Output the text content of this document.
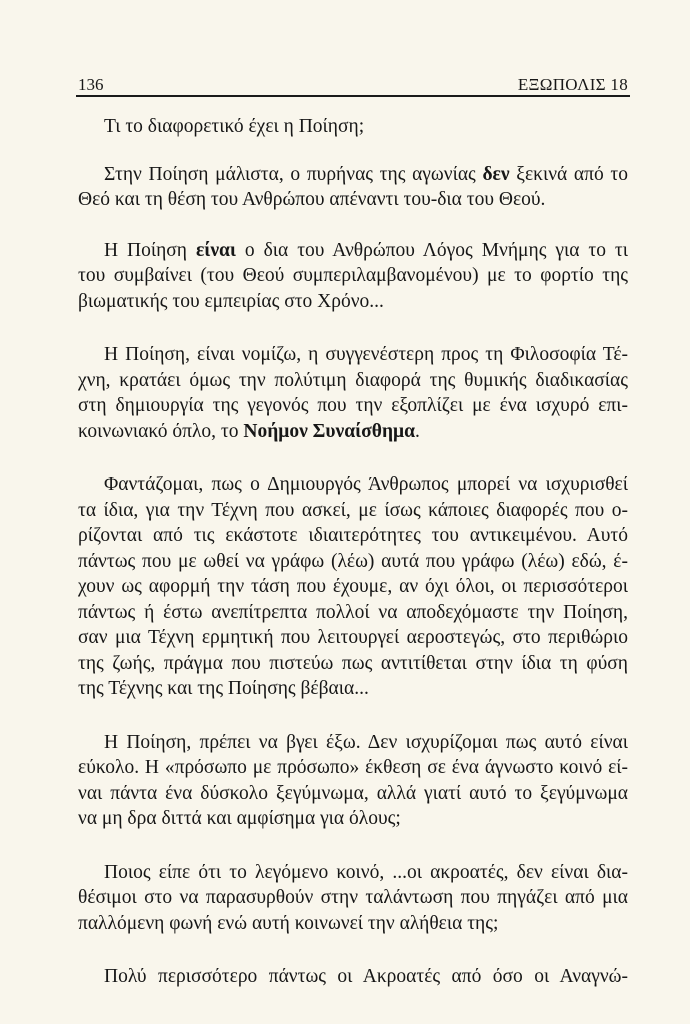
136	ΕΞΩΠΟΛΙΣ 18
Τι το διαφορετικό έχει η Ποίηση;
Στην Ποίηση μάλιστα, ο πυρήνας της αγωνίας δεν ξεκινά από το
Θεό και τη θέση του Ανθρώπου απέναντι του-δια του Θεού.
Η Ποίηση είναι ο δια του Ανθρώπου Λόγος Μνήμης για το τι
του συμβαίνει (του Θεού συμπεριλαμβανομένου) με το φορτίο της
βιωματικής του εμπειρίας στο Χρόνο...
Η Ποίηση, είναι νομίζω, η συγγενέστερη προς τη Φιλοσοφία Τέ-
χνη, κρατάει όμως την πολύτιμη διαφορά της θυμικής διαδικασίας
στη δημιουργία της γεγονός που την εξοπλίζει με ένα ισχυρό επι-
κοινωνιακό όπλο, το Νοήμον Συναίσθημα.
Φαντάζομαι, πως ο Δημιουργός Άνθρωπος μπορεί να ισχυρισθεί
τα ίδια, για την Τέχνη που ασκεί, με ίσως κάποιες διαφορές που ο-
ρίζονται από τις εκάστοτε ιδιαιτερότητες του αντικειμένου. Αυτό
πάντως που με ωθεί να γράφω (λέω) αυτά που γράφω (λέω) εδώ, έ-
χουν ως αφορμή την τάση που έχουμε, αν όχι όλοι, οι περισσότεροι
πάντως ή έστω ανεπίτρεπτα πολλοί να αποδεχόμαστε την Ποίηση,
σαν μια Τέχνη ερμητική που λειτουργεί αεροστεγώς, στο περιθώριο
της ζωής, πράγμα που πιστεύω πως αντιτίθεται στην ίδια τη φύση
της Τέχνης και της Ποίησης βέβαια...
Η Ποίηση, πρέπει να βγει έξω. Δεν ισχυρίζομαι πως αυτό είναι
εύκολο. Η «πρόσωπο με πρόσωπο» έκθεση σε ένα άγνωστο κοινό εί-
ναι πάντα ένα δύσκολο ξεγύμνωμα, αλλά γιατί αυτό το ξεγύμνωμα
να μη δρα διττά και αμφίσημα για όλους;
Ποιος είπε ότι το λεγόμενο κοινό, ...οι ακροατές, δεν είναι δια-
θέσιμοι στο να παρασυρθούν στην ταλάντωση που πηγάζει από μια
παλλόμενη φωνή ενώ αυτή κοινωνεί την αλήθεια της;
Πολύ περισσότερο πάντως οι Ακροατές από όσο οι Αναγνώ-
